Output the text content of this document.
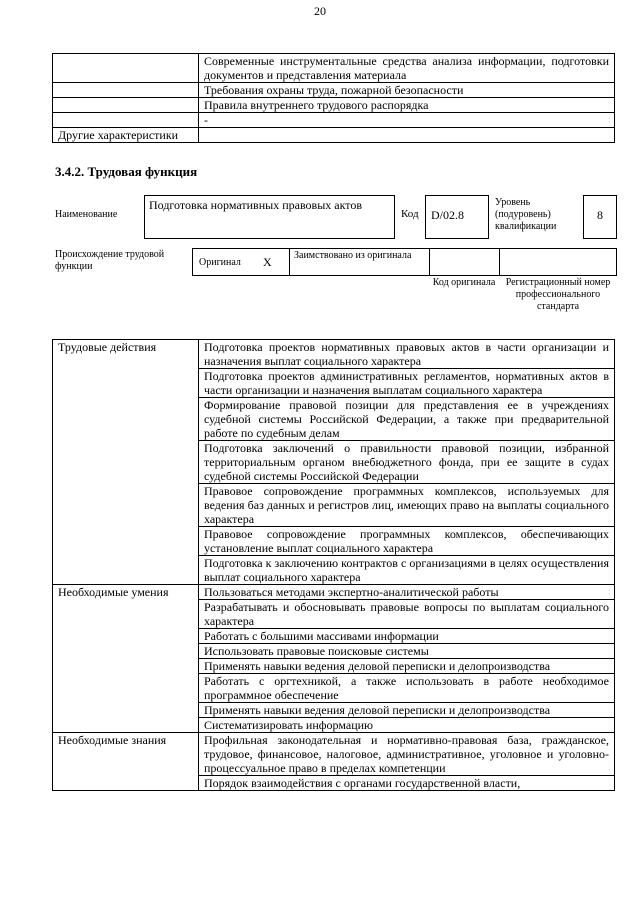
20
	Современные инструментальные средства анализа информации, подготовки документов и представления материала
	Требования охраны труда, пожарной безопасности
	Правила внутреннего трудового распорядка
	-
Другие характеристики	
3.4.2. Трудовая функция
Наименование
Подготовка нормативных правовых актов
Код	D/02.8
Уровень (подуровень) квалификации
8
Происхождение трудовой функции	Оригинал X	Заимствовано из оригинала
Код оригинала	Регистрационный номер профессионального стандарта
Трудовые действия	Подготовка проектов нормативных правовых актов в части организации и назначения выплат социального характера
	Подготовка проектов административных регламентов, нормативных актов в части организации и назначения выплатам социального характера
	Формирование правовой позиции для представления ее в учреждениях судебной системы Российской Федерации, а также при предварительной работе по судебным делам
	Подготовка заключений о правильности правовой позиции, избранной территориальным органом внебюджетного фонда, при ее защите в судах судебной системы Российской Федерации
	Правовое сопровождение программных комплексов, используемых для ведения баз данных и регистров лиц, имеющих право на выплаты социального характера
	Правовое сопровождение программных комплексов, обеспечивающих установление выплат социального характера
	Подготовка к заключению контрактов с организациями в целях осуществления выплат социального характера
Необходимые умения	Пользоваться методами экспертно-аналитической работы
	Разрабатывать и обосновывать правовые вопросы по выплатам социального характера
	Работать с большими массивами информации
	Использовать правовые поисковые системы
	Применять навыки ведения деловой переписки и делопроизводства
	Работать с оргтехникой, а также использовать в работе необходимое программное обеспечение
	Применять навыки ведения деловой переписки и делопроизводства
	Систематизировать информацию
Необходимые знания	Профильная законодательная и нормативно-правовая база, гражданское, трудовое, финансовое, налоговое, административное, уголовное и уголовно-процессуальное право в пределах компетенции
	Порядок взаимодействия с органами государственной власти,
